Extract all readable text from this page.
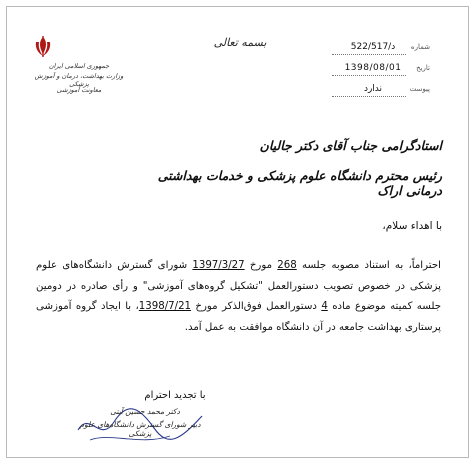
بسمه تعالی	شماره
د/522/517
تاریخ
1398/08/01
پیوست
ندارد
جمهوری اسلامی ایران
وزارت بهداشت، درمان و آموزش پزشکی
معاونت آموزشی
استادگرامی جناب آقای دکتر جالیان
رئیس محترم دانشگاه علوم پزشکی و خدمات بهداشتی درمانی اراک
با اهداء سلام،
احتراماً، به استناد مصوبه جلسه 268 مورخ 1397/3/27 شورای گسترش دانشگاه‌های علوم پزشکی در خصوص تصویب دستورالعمل "تشکیل گروه‌های آموزشی" و رأی صادره در دومین جلسه کمیته موضوع ماده 4 دستورالعمل فوق‌الذکر مورخ 1398/7/21، با ایجاد گروه آموزشی پرستاری بهداشت جامعه در آن دانشگاه موافقت به عمل آمد.
با تجدید احترام
دکتر محمد حسین آیتی
دبیر شورای گسترش دانشگاه‌های علوم پزشکی
